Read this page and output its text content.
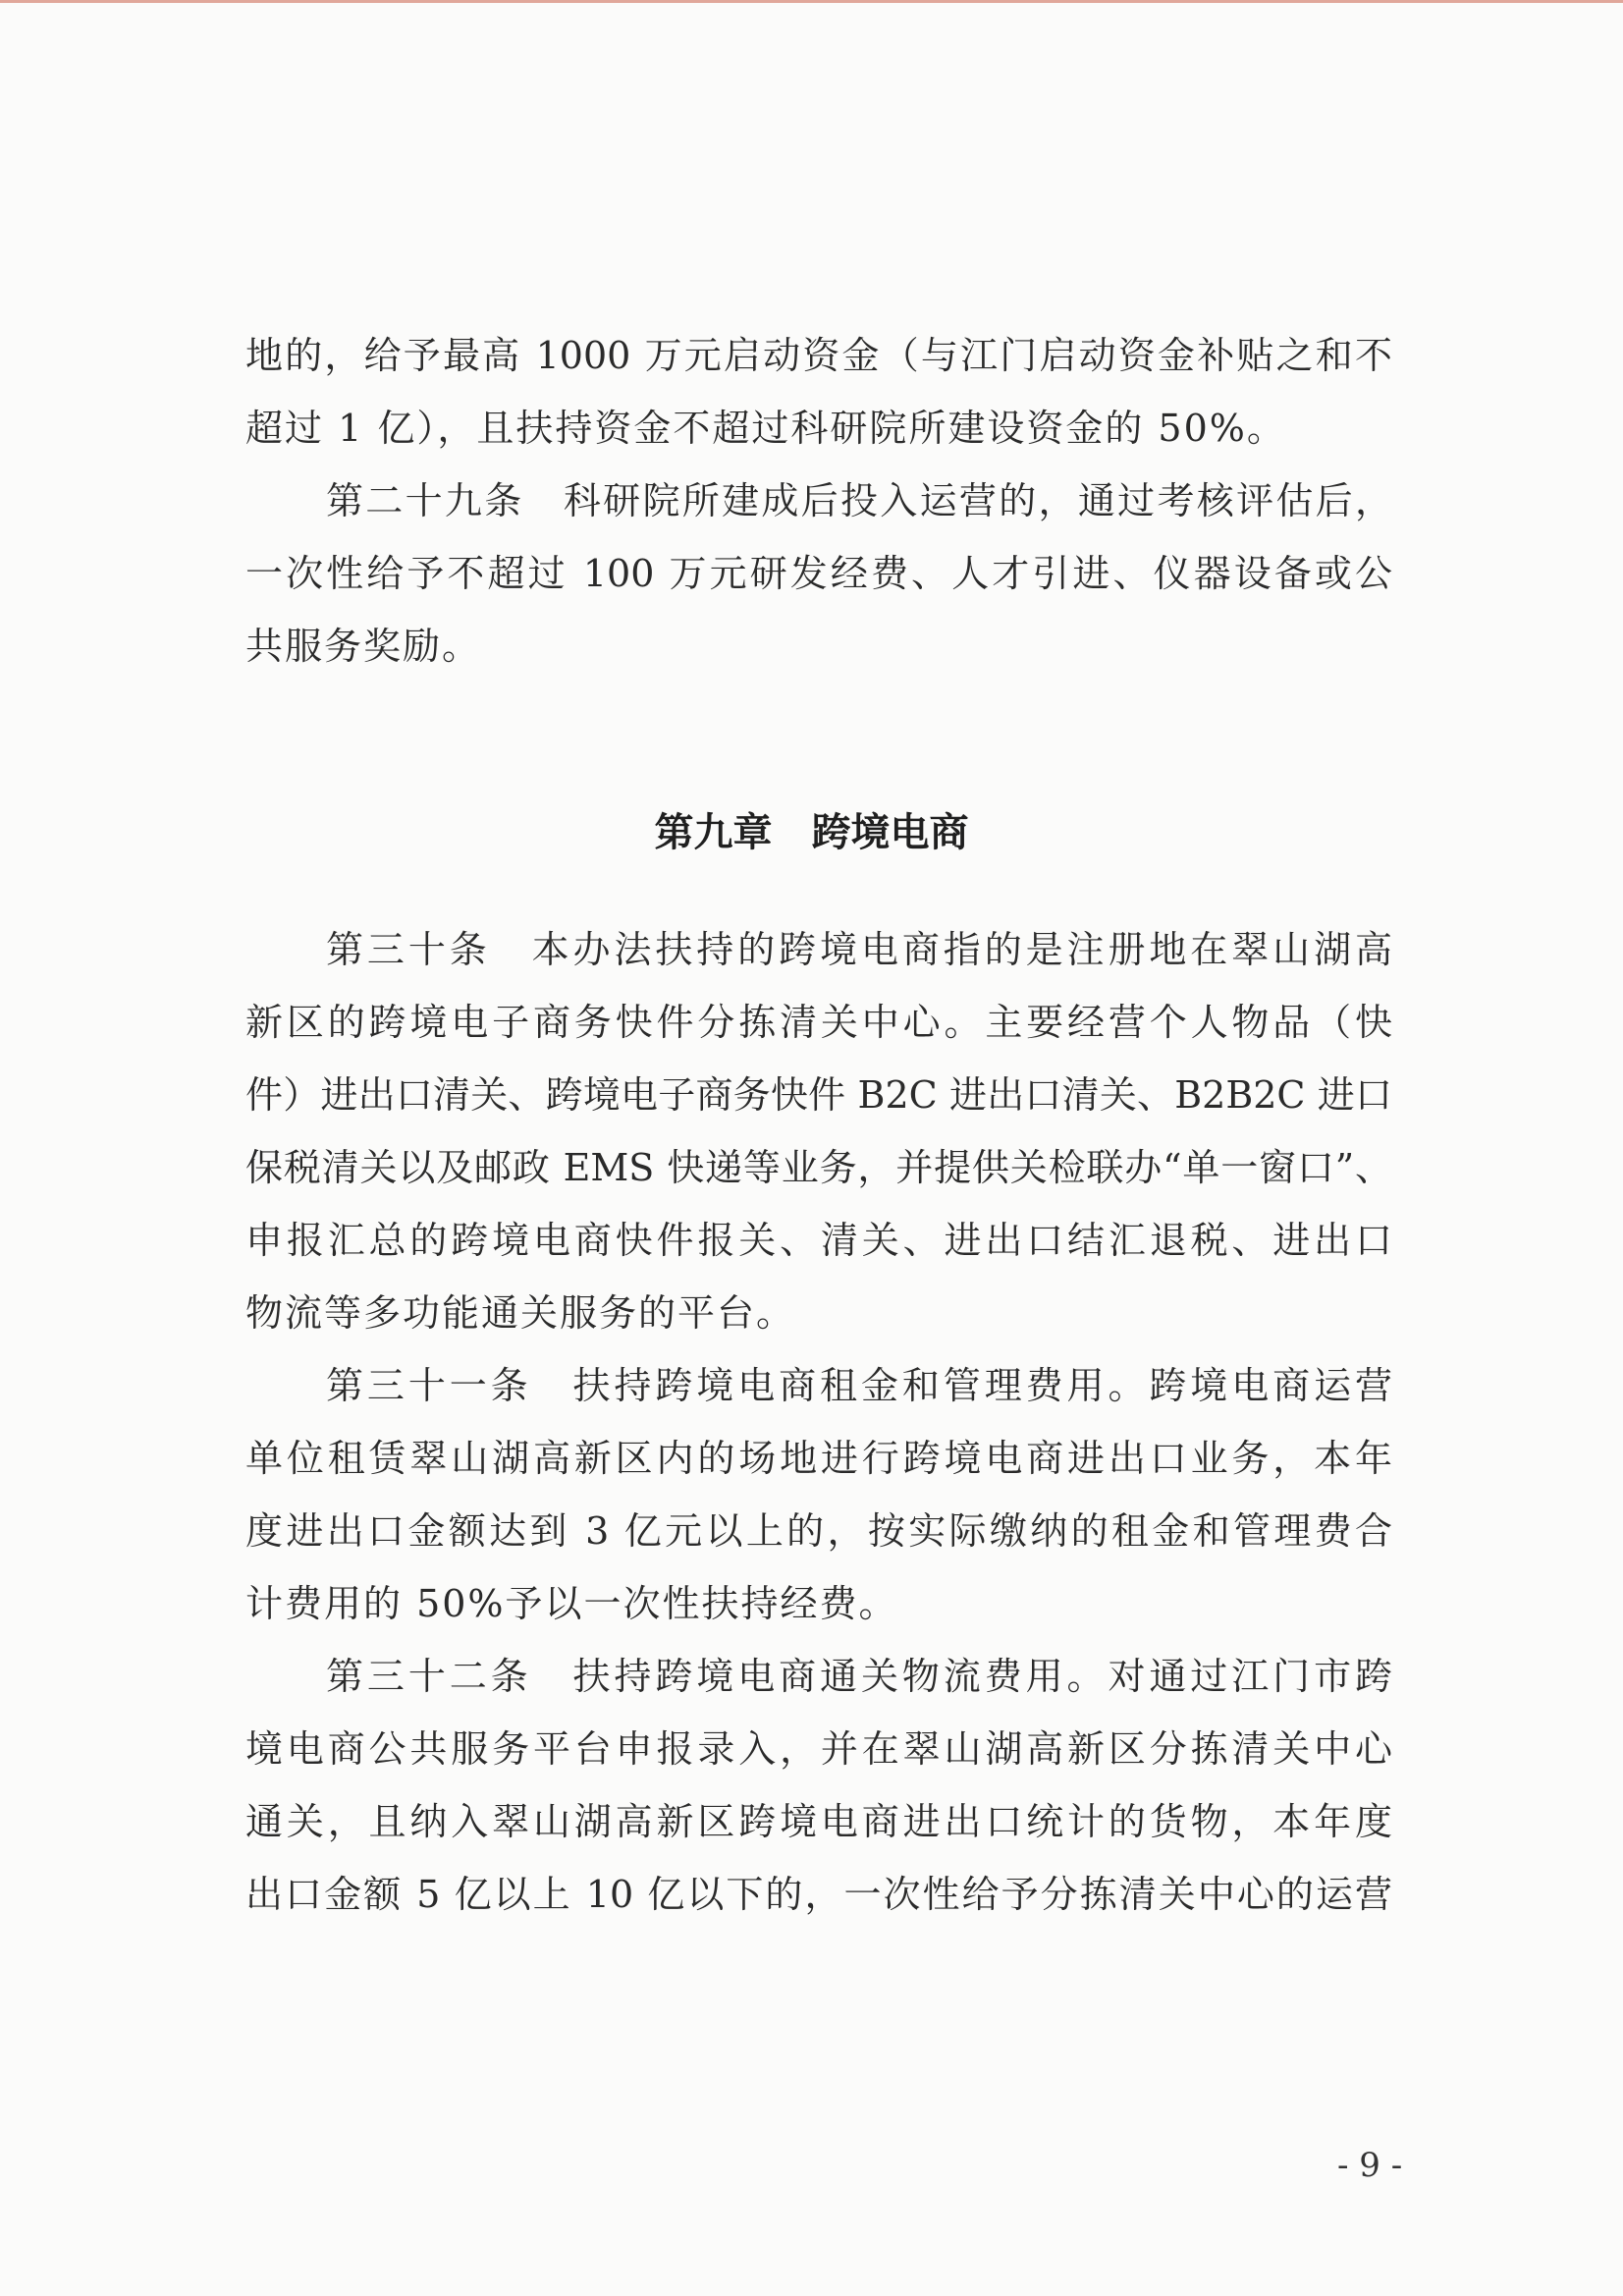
地的，给予最高 1000 万元启动资金（与江门启动资金补贴之和不
超过 1 亿），且扶持资金不超过科研院所建设资金的 50%。
第二十九条　科研院所建成后投入运营的，通过考核评估后，
一次性给予不超过 100 万元研发经费、人才引进、仪器设备或公
共服务奖励。
第九章　跨境电商
第三十条　本办法扶持的跨境电商指的是注册地在翠山湖高
新区的跨境电子商务快件分拣清关中心。主要经营个人物品（快
件）进出口清关、跨境电子商务快件 B2C 进出口清关、B2B2C 进口
保税清关以及邮政 EMS 快递等业务，并提供关检联办“单一窗口”、
申报汇总的跨境电商快件报关、清关、进出口结汇退税、进出口
物流等多功能通关服务的平台。
第三十一条　扶持跨境电商租金和管理费用。跨境电商运营
单位租赁翠山湖高新区内的场地进行跨境电商进出口业务，本年
度进出口金额达到 3 亿元以上的，按实际缴纳的租金和管理费合
计费用的 50%予以一次性扶持经费。
第三十二条　扶持跨境电商通关物流费用。对通过江门市跨
境电商公共服务平台申报录入，并在翠山湖高新区分拣清关中心
通关，且纳入翠山湖高新区跨境电商进出口统计的货物，本年度
出口金额 5 亿以上 10 亿以下的，一次性给予分拣清关中心的运营
- 9 -
